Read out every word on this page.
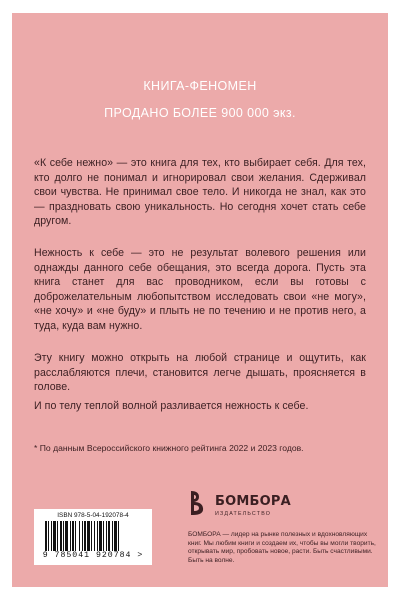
КНИГА-ФЕНОМЕН
ПРОДАНО БОЛЕЕ 900 000 экз.

«К себе нежно» — это книга для тех, кто выбирает себя. Для тех, кто долго не понимал и игнорировал свои желания. Сдерживал свои чувства. Не принимал свое тело. И никогда не знал, как это — праздновать свою уникальность. Но сегодня хочет стать себе другом.

Нежность к себе — это не результат волевого решения или однажды данного себе обещания, это всегда дорога. Пусть эта книга станет для вас проводником, если вы готовы с доброжелательным любопытством исследовать свои «не могу», «не хочу» и «не буду» и плыть не по течению и не против него, а туда, куда вам нужно.

Эту книгу можно открыть на любой странице и ощутить, как расслабляются плечи, становится легче дышать, проясняется в голове.

И по телу теплой волной разливается нежность к себе.

* По данным Всероссийского книжного рейтинга 2022 и 2023 годов.

ISBN 978-5-04-192078-4
9 785041 920784 >
БОМБОРА
ИЗДАТЕЛЬСТВО

БОМБОРА — лидер на рынке полезных и вдохновляющих книг. Мы любим книги и создаем их, чтобы вы могли творить, открывать мир, пробовать новое, расти. Быть счастливыми. Быть на волне.
